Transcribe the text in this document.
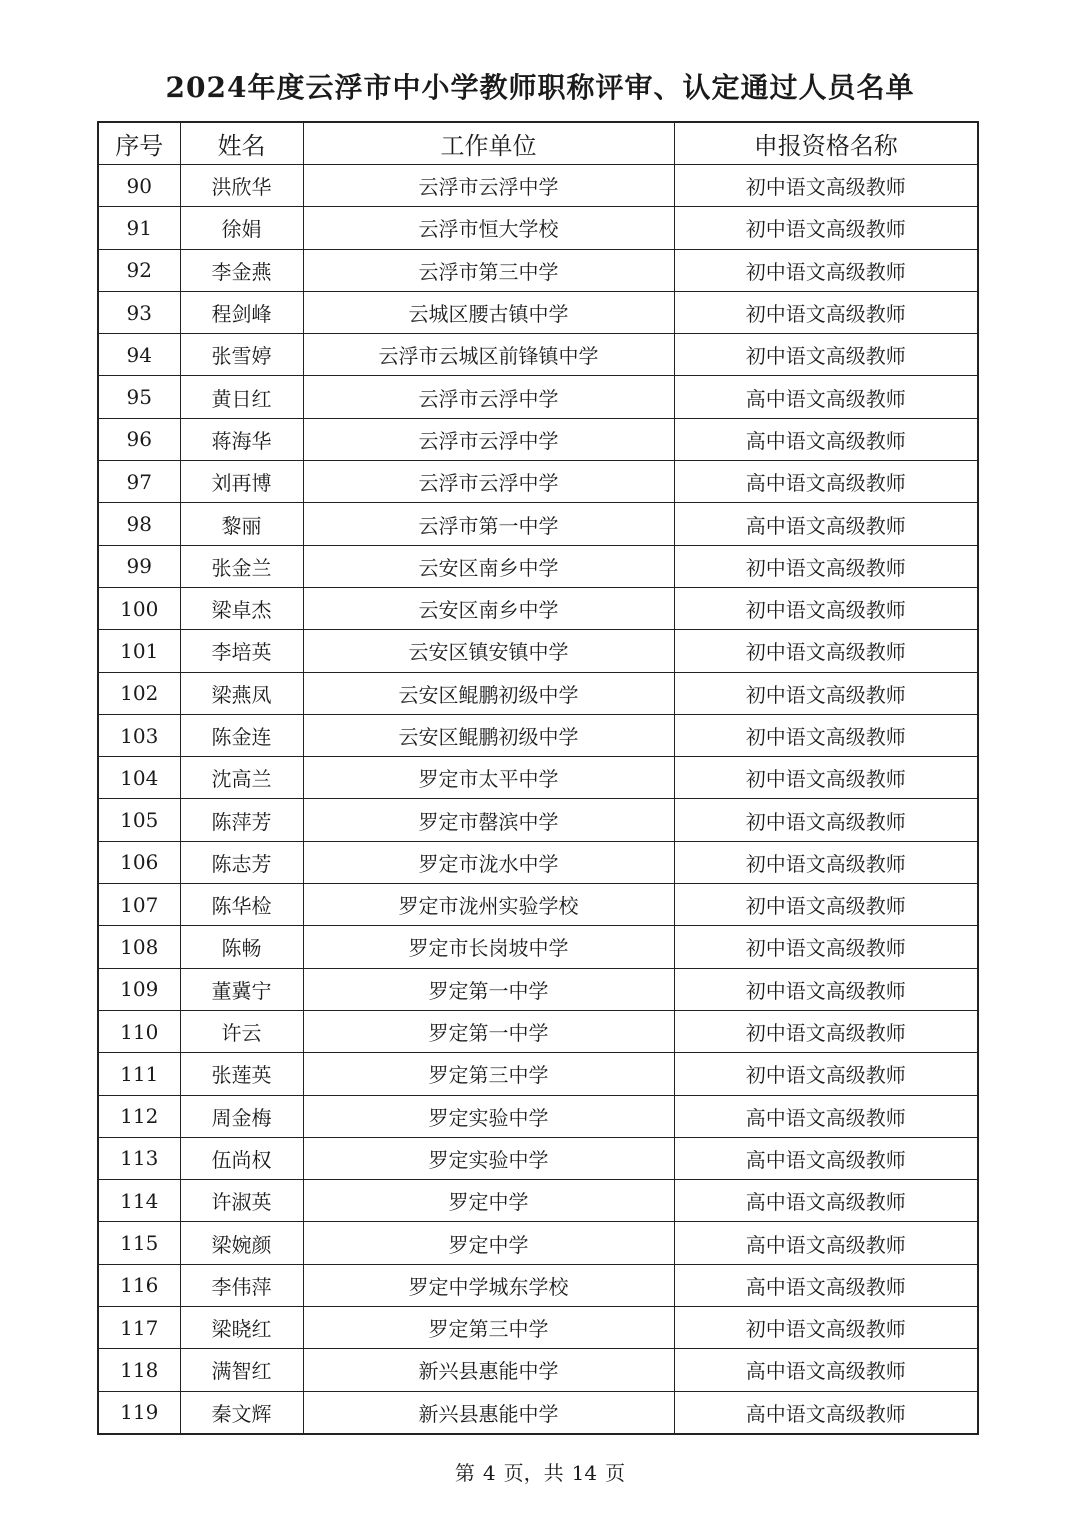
2024年度云浮市中小学教师职称评审、认定通过人员名单
序号	姓名	工作单位	申报资格名称
90	洪欣华	云浮市云浮中学	初中语文高级教师
91	徐娟	云浮市恒大学校	初中语文高级教师
92	李金燕	云浮市第三中学	初中语文高级教师
93	程剑峰	云城区腰古镇中学	初中语文高级教师
94	张雪婷	云浮市云城区前锋镇中学	初中语文高级教师
95	黄日红	云浮市云浮中学	高中语文高级教师
96	蒋海华	云浮市云浮中学	高中语文高级教师
97	刘再博	云浮市云浮中学	高中语文高级教师
98	黎丽	云浮市第一中学	高中语文高级教师
99	张金兰	云安区南乡中学	初中语文高级教师
100	梁卓杰	云安区南乡中学	初中语文高级教师
101	李培英	云安区镇安镇中学	初中语文高级教师
102	梁燕凤	云安区鲲鹏初级中学	初中语文高级教师
103	陈金连	云安区鲲鹏初级中学	初中语文高级教师
104	沈高兰	罗定市太平中学	初中语文高级教师
105	陈萍芳	罗定市罄滨中学	初中语文高级教师
106	陈志芳	罗定市泷水中学	初中语文高级教师
107	陈华检	罗定市泷州实验学校	初中语文高级教师
108	陈畅	罗定市长岗坡中学	初中语文高级教师
109	董冀宁	罗定第一中学	初中语文高级教师
110	许云	罗定第一中学	初中语文高级教师
111	张莲英	罗定第三中学	初中语文高级教师
112	周金梅	罗定实验中学	高中语文高级教师
113	伍尚权	罗定实验中学	高中语文高级教师
114	许淑英	罗定中学	高中语文高级教师
115	梁婉颜	罗定中学	高中语文高级教师
116	李伟萍	罗定中学城东学校	高中语文高级教师
117	梁晓红	罗定第三中学	初中语文高级教师
118	满智红	新兴县惠能中学	高中语文高级教师
119	秦文辉	新兴县惠能中学	高中语文高级教师
第 4 页，共 14 页
